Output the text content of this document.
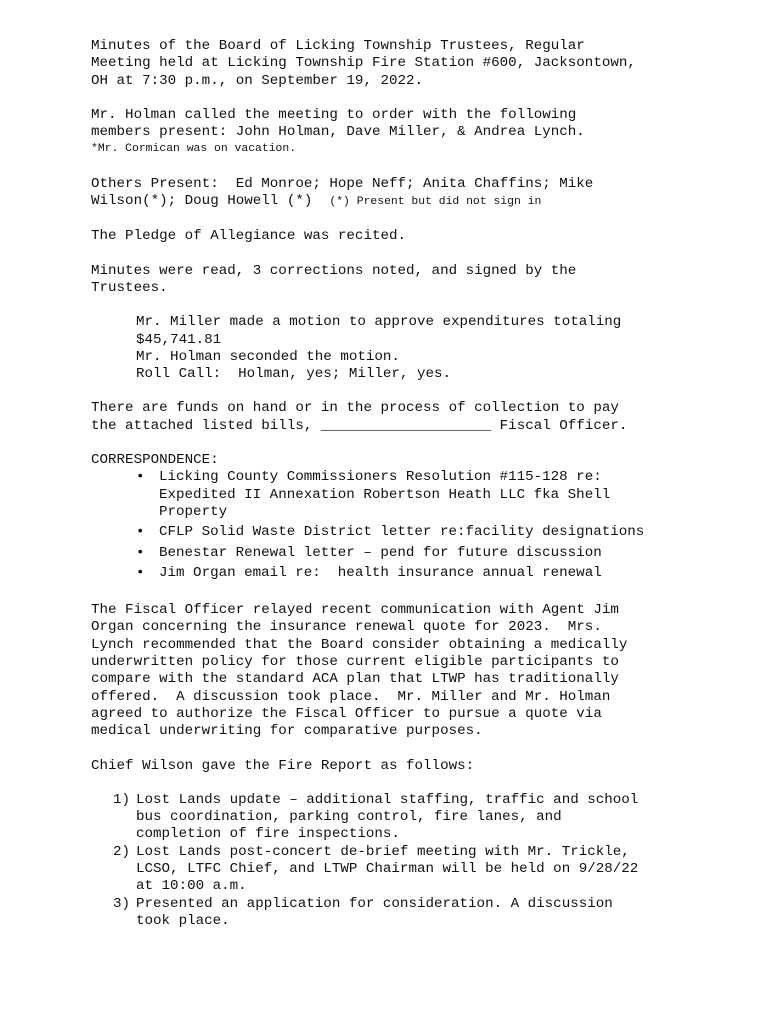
Minutes of the Board of Licking Township Trustees, Regular

Meeting held at Licking Township Fire Station #600, Jacksontown,

OH at 7:30 p.m., on September 19, 2022.

Mr. Holman called the meeting to order with the following

members present: John Holman, Dave Miller, & Andrea Lynch.

*Mr. Cormican was on vacation.

Others Present:  Ed Monroe; Hope Neff; Anita Chaffins; Mike

Wilson(*); Doug Howell (*)  (*) Present but did not sign in

The Pledge of Allegiance was recited.

Minutes were read, 3 corrections noted, and signed by the

Trustees.

Mr. Miller made a motion to approve expenditures totaling

$45,741.81

Mr. Holman seconded the motion.

Roll Call:  Holman, yes; Miller, yes.

There are funds on hand or in the process of collection to pay

the attached listed bills, ____________________ Fiscal Officer.

CORRESPONDENCE:

• Licking County Commissioners Resolution #115-128 re:

Expedited II Annexation Robertson Heath LLC fka Shell

Property

• CFLP Solid Waste District letter re:facility designations

• Benestar Renewal letter – pend for future discussion

• Jim Organ email re:  health insurance annual renewal

The Fiscal Officer relayed recent communication with Agent Jim

Organ concerning the insurance renewal quote for 2023.  Mrs.

Lynch recommended that the Board consider obtaining a medically

underwritten policy for those current eligible participants to

compare with the standard ACA plan that LTWP has traditionally

offered.  A discussion took place.  Mr. Miller and Mr. Holman

agreed to authorize the Fiscal Officer to pursue a quote via

medical underwriting for comparative purposes.

Chief Wilson gave the Fire Report as follows:

1) Lost Lands update – additional staffing, traffic and school

bus coordination, parking control, fire lanes, and

completion of fire inspections.

2) Lost Lands post-concert de-brief meeting with Mr. Trickle,

LCSO, LTFC Chief, and LTWP Chairman will be held on 9/28/22

at 10:00 a.m.

3) Presented an application for consideration. A discussion

took place.
